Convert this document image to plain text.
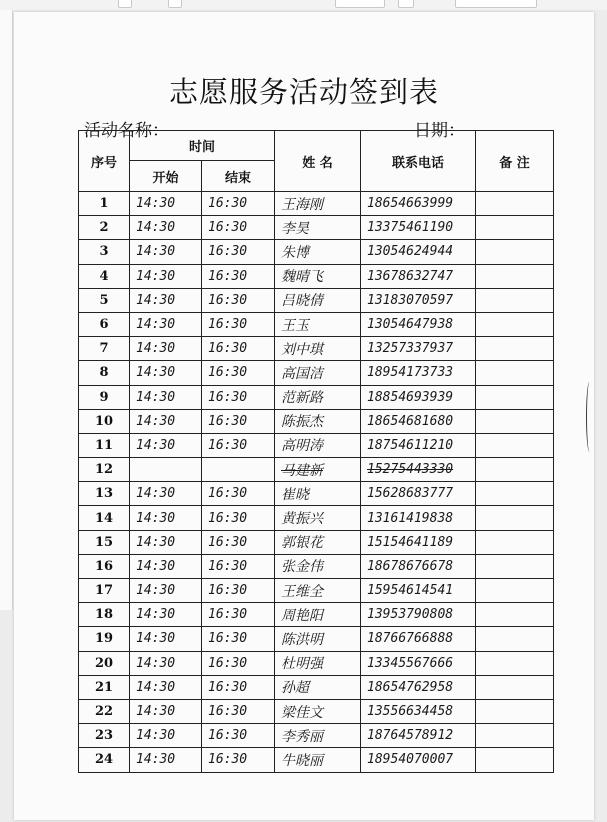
志愿服务活动签到表
活动名称：	日期：
序号	时间		姓 名	联系电话	备 注
	开始	结束			
1	14:30	16:30	王海刚	18654663999	
2	14:30	16:30	李昊	13375461190	
3	14:30	16:30	朱博	13054624944	
4	14:30	16:30	魏晴飞	13678632747	
5	14:30	16:30	吕晓倩	13183070597	
6	14:30	16:30	王玉	13054647938	
7	14:30	16:30	刘中琪	13257337937	
8	14:30	16:30	高国洁	18954173733	
9	14:30	16:30	范新路	18854693939	
10	14:30	16:30	陈振杰	18654681680	
11	14:30	16:30	高明涛	18754611210	
12			马建新	15275443330	
13	14:30	16:30	崔晓	15628683777	
14	14:30	16:30	黄振兴	13161419838	
15	14:30	16:30	郭银花	15154641189	
16	14:30	16:30	张金伟	18678676678	
17	14:30	16:30	王维全	15954614541	
18	14:30	16:30	周艳阳	13953790808	
19	14:30	16:30	陈洪明	18766766888	
20	14:30	16:30	杜明强	13345567666	
21	14:30	16:30	孙超	18654762958	
22	14:30	16:30	梁佳文	13556634458	
23	14:30	16:30	李秀丽	18764578912	
24	14:30	16:30	牛晓丽	18954070007	
